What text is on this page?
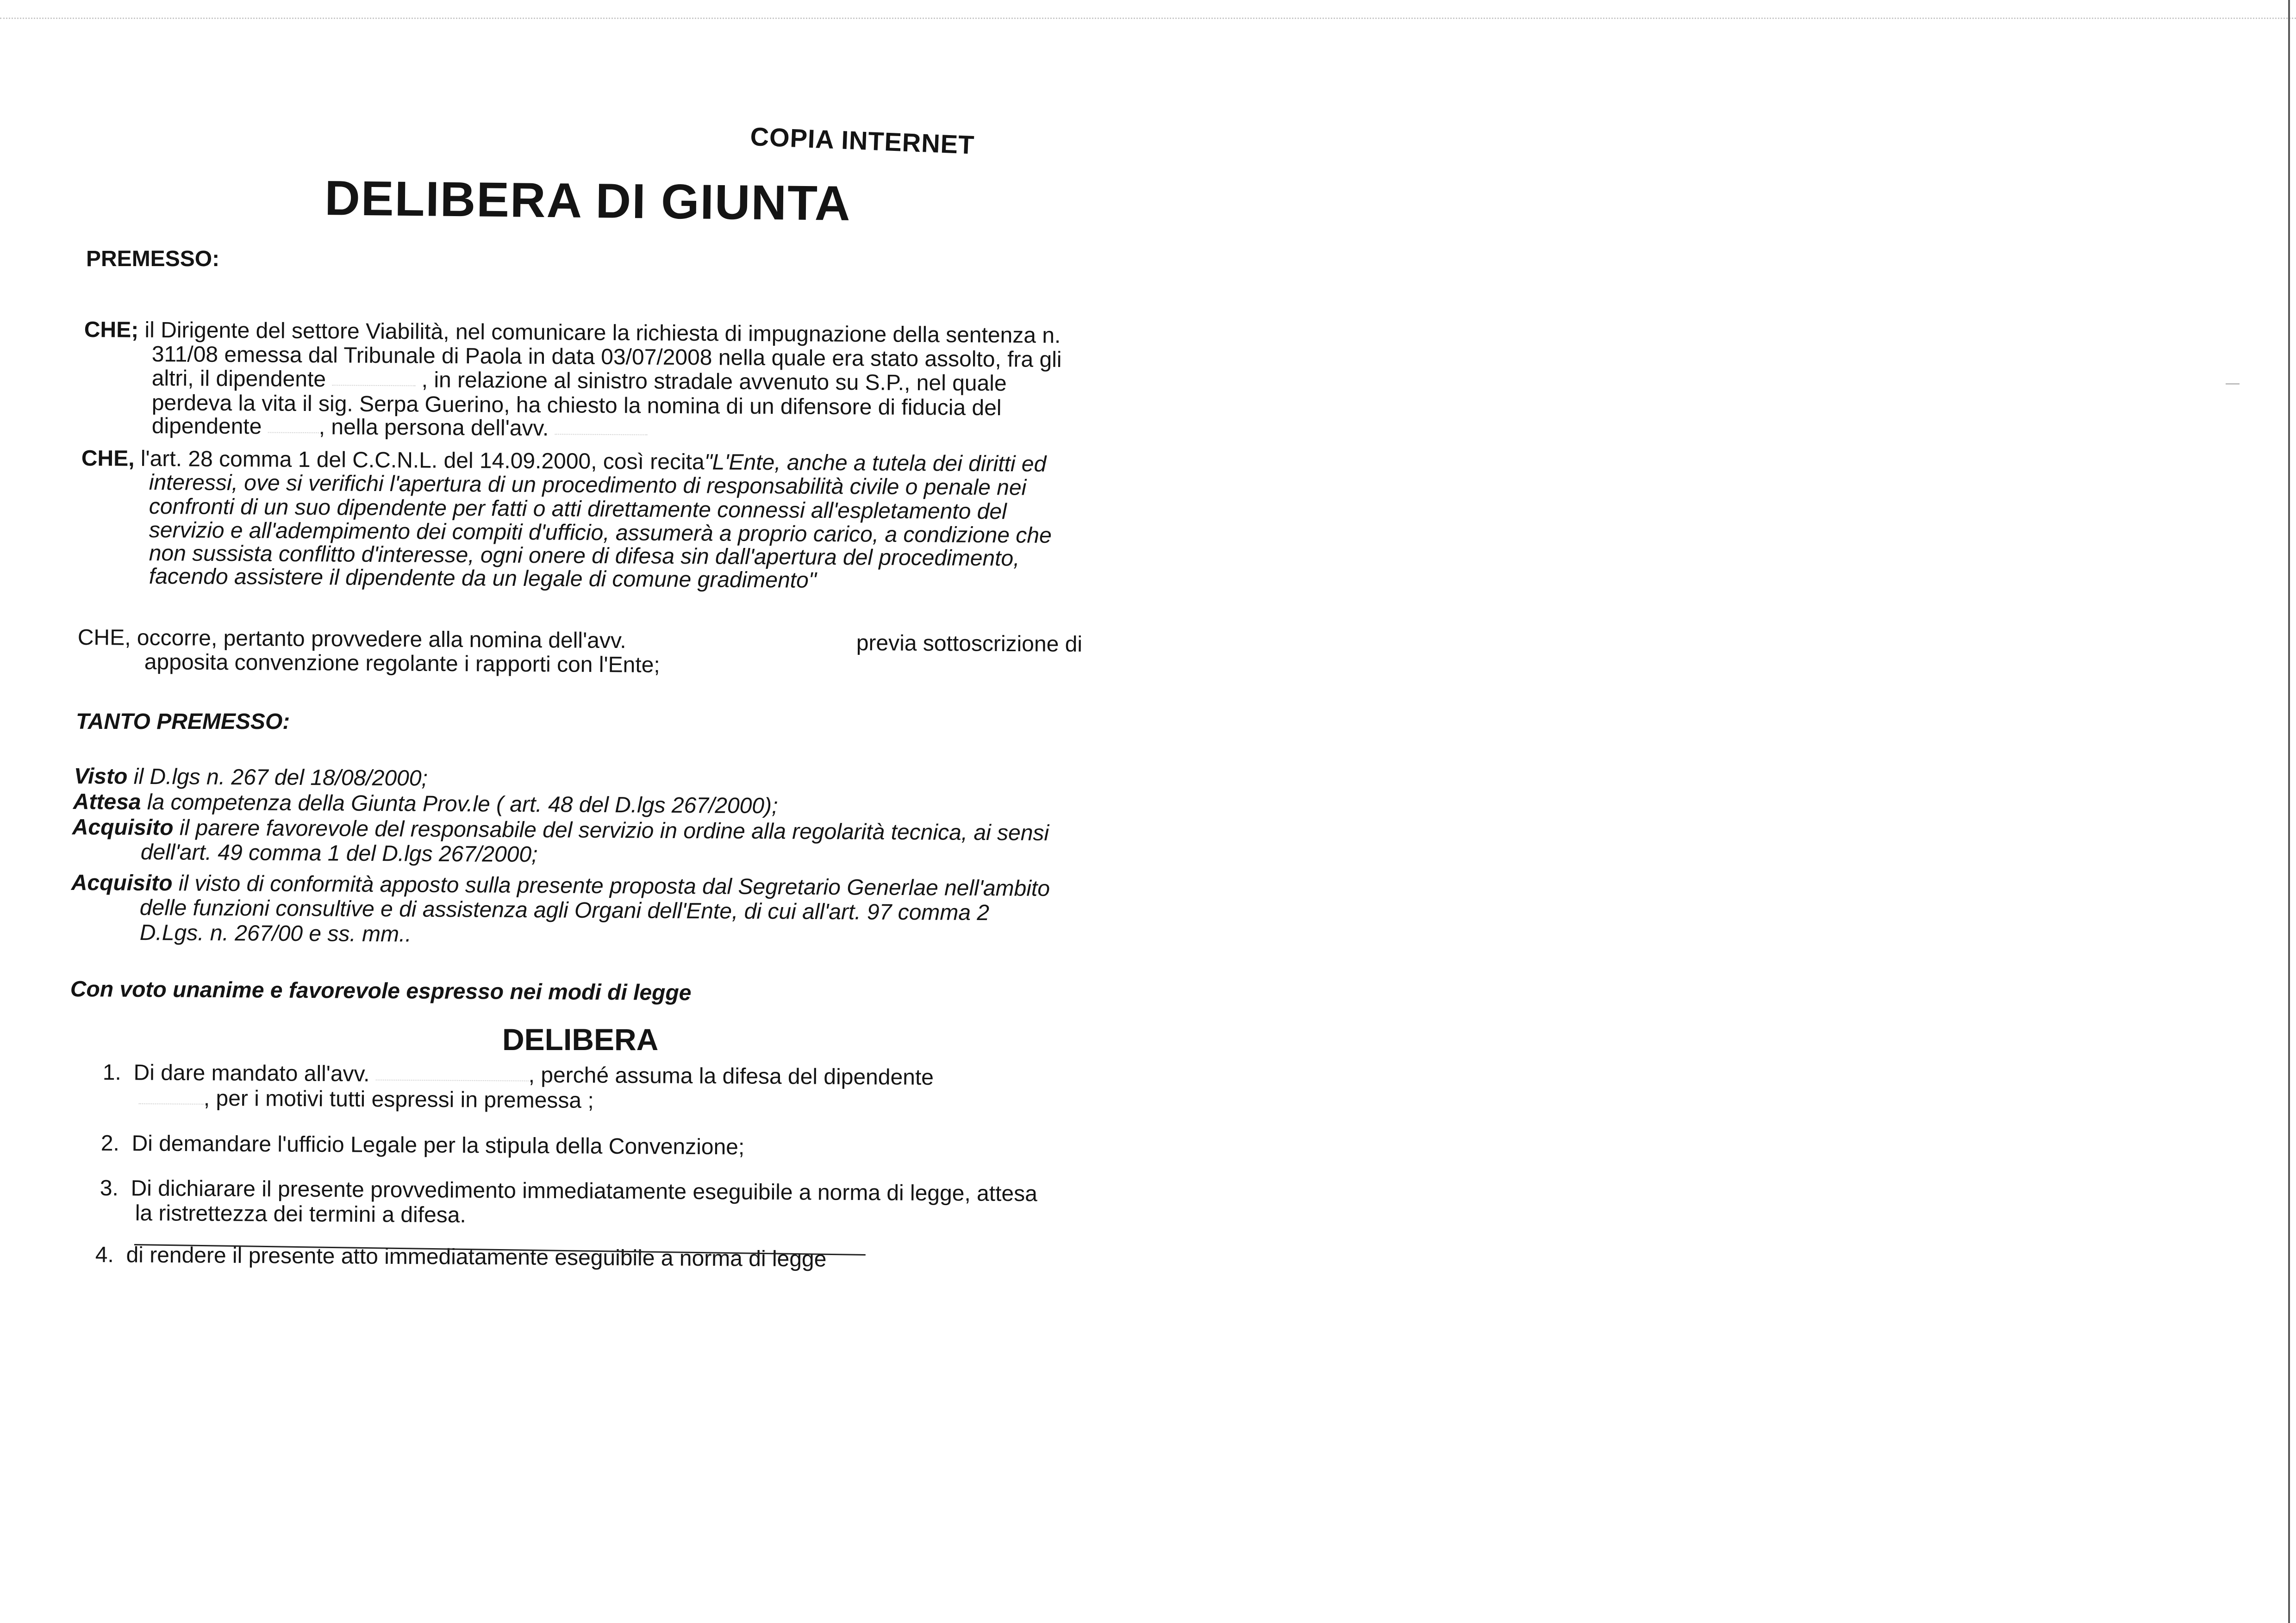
COPIA INTERNET
DELIBERA DI GIUNTA
PREMESSO:
CHE; il Dirigente del settore Viabilità, nel comunicare la richiesta di impugnazione della sentenza n.
311/08 emessa dal Tribunale di Paola in data 03/07/2008 nella quale era stato assolto, fra gli
altri, il dipendente	, in relazione al sinistro stradale avvenuto su S.P., nel quale
perdeva la vita il sig. Serpa Guerino, ha chiesto la nomina di un difensore di fiducia del
dipendente	, nella persona dell'avv.
CHE, l'art. 28 comma 1 del C.C.N.L. del 14.09.2000, così recita"L'Ente, anche a tutela dei diritti ed
interessi, ove si verifichi l'apertura di un procedimento di responsabilità civile o penale nei
confronti di un suo dipendente per fatti o atti direttamente connessi all'espletamento del
servizio e all'adempimento dei compiti d'ufficio, assumerà a proprio carico, a condizione che
non sussista conflitto d'interesse, ogni onere di difesa sin dall'apertura del procedimento,
facendo assistere il dipendente da un legale di comune gradimento"
CHE, occorre, pertanto provvedere alla nomina dell'avv.	previa sottoscrizione di
apposita convenzione regolante i rapporti con l'Ente;
TANTO PREMESSO:
Visto il D.lgs n. 267 del 18/08/2000;
Attesa la competenza della Giunta Prov.le ( art. 48 del D.lgs 267/2000);
Acquisito il parere favorevole del responsabile del servizio in ordine alla regolarità tecnica, ai sensi
dell'art. 49 comma 1 del D.lgs 267/2000;
Acquisito il visto di conformità apposto sulla presente proposta dal Segretario Generlae nell'ambito
delle funzioni consultive e di assistenza agli Organi dell'Ente, di cui all'art. 97 comma 2
D.Lgs. n. 267/00 e ss. mm..
Con voto unanime e favorevole espresso nei modi di legge
DELIBERA
1. Di dare mandato all'avv.	, perché assuma la difesa del dipendente
, per i motivi tutti espressi in premessa ;
2. Di demandare l'ufficio Legale per la stipula della Convenzione;
3. Di dichiarare il presente provvedimento immediatamente eseguibile a norma di legge, attesa
la ristrettezza dei termini a difesa.
4. di rendere il presente atto immediatamente eseguibile a norma di legge
